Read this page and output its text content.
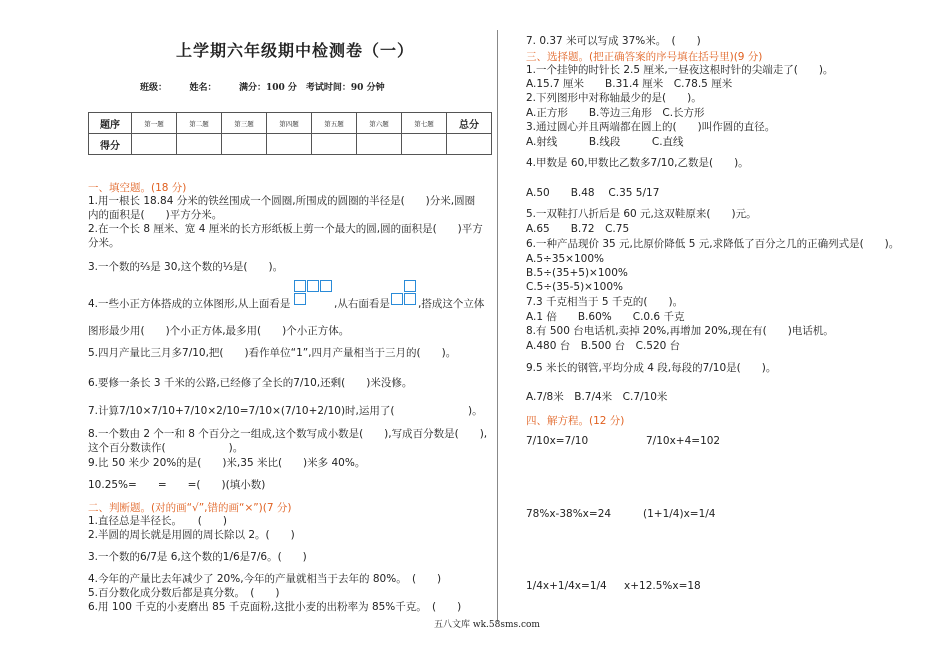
上学期六年级期中检测卷（一）
班级：　　　姓名：　　　满分：100 分　考试时间：90 分钟
题序	第一题	第二题	第三题	第四题	第五题	第六题	第七题	总分
得分								
一、填空题。(18 分)
1.用一根长 18.84 分米的铁丝围成一个圆圈,所围成的圆圈的半径是(　　)分米,圆圈
内的面积是(　　)平方分米。
2.在一个长 8 厘米、宽 4 厘米的长方形纸板上剪一个最大的圆,圆的面积是(　　)平方
分米。
3.一个数的⅔是 30,这个数的⅓是(　　)。
4.一些小正方体搭成的立体图形,从上面看是	,从右面看是	,搭成这个立体
图形最少用(　　)个小正方体,最多用(　　)个小正方体。
5.四月产量比三月多7/10,把(　　)看作单位“1”,四月产量相当于三月的(　　)。
6.要修一条长 3 千米的公路,已经修了全长的7/10,还剩(　　)米没修。
7.计算7/10×7/10+7/10×2/10=7/10×(7/10+2/10)时,运用了(　　　　　　　)。
8.一个数由 2 个一和 8 个百分之一组成,这个数写成小数是(　　),写成百分数是(　　),
这个百分数读作(　　　　　　)。
9.比 50 米少 20%的是(　　)米,35 米比(　　)米多 40%。
10.25%=　　=　　=(　　)(填小数)
二、判断题。(对的画“√”,错的画“×”)(7 分)
1.直径总是半径长。　　(　　)
2.半圆的周长就是用圆的周长除以 2。(　　)
3.一个数的6/7是 6,这个数的1/6是7/6。(　　)
4.今年的产量比去年减少了 20%,今年的产量就相当于去年的 80%。　(　　)
5.百分数化成分数后都是真分数。　(　　)
6.用 100 千克的小麦磨出 85 千克面粉,这批小麦的出粉率为 85%千克。　(　　)
7. 0.37 米可以写成 37%米。　(　　)
三、选择题。(把正确答案的序号填在括号里)(9 分)
1.一个挂钟的时针长 2.5 厘米,一昼夜这根时针的尖端走了(　　)。
A.15.7 厘米　　B.31.4 厘米　C.78.5 厘米
2.下列图形中对称轴最少的是(　　)。
A.正方形　　B.等边三角形　C.长方形
3.通过圆心并且两端都在圆上的(　　)叫作圆的直径。
A.射线　　　B.线段　　　C.直线
4.甲数是 60,甲数比乙数多7/10,乙数是(　　)。
A.50　　B.48　 C.35 5/17
5.一双鞋打八折后是 60 元,这双鞋原来(　　)元。
A.65　　B.72　C.75
6.一种产品现价 35 元,比原价降低 5 元,求降低了百分之几的正确列式是(　　)。
A.5÷35×100%
B.5÷(35+5)×100%
C.5÷(35-5)×100%
7.3 千克相当于 5 千克的(　　)。
A.1 倍　　B.60%　　C.0.6 千克
8.有 500 台电话机,卖掉 20%,再增加 20%,现在有(　　)电话机。
A.480 台　B.500 台　C.520 台
9.5 米长的钢管,平均分成 4 段,每段的7/10是(　　)。
A.7/8米　B.7/4米　C.7/10米
四、解方程。(12 分)
7/10x=7/10	7/10x+4=102
78%x-38%x=24	(1+1/4)x=1/4
1/4x+1/4x=1/4 x+12.5%x=18
五八文库 wk.58sms.com
